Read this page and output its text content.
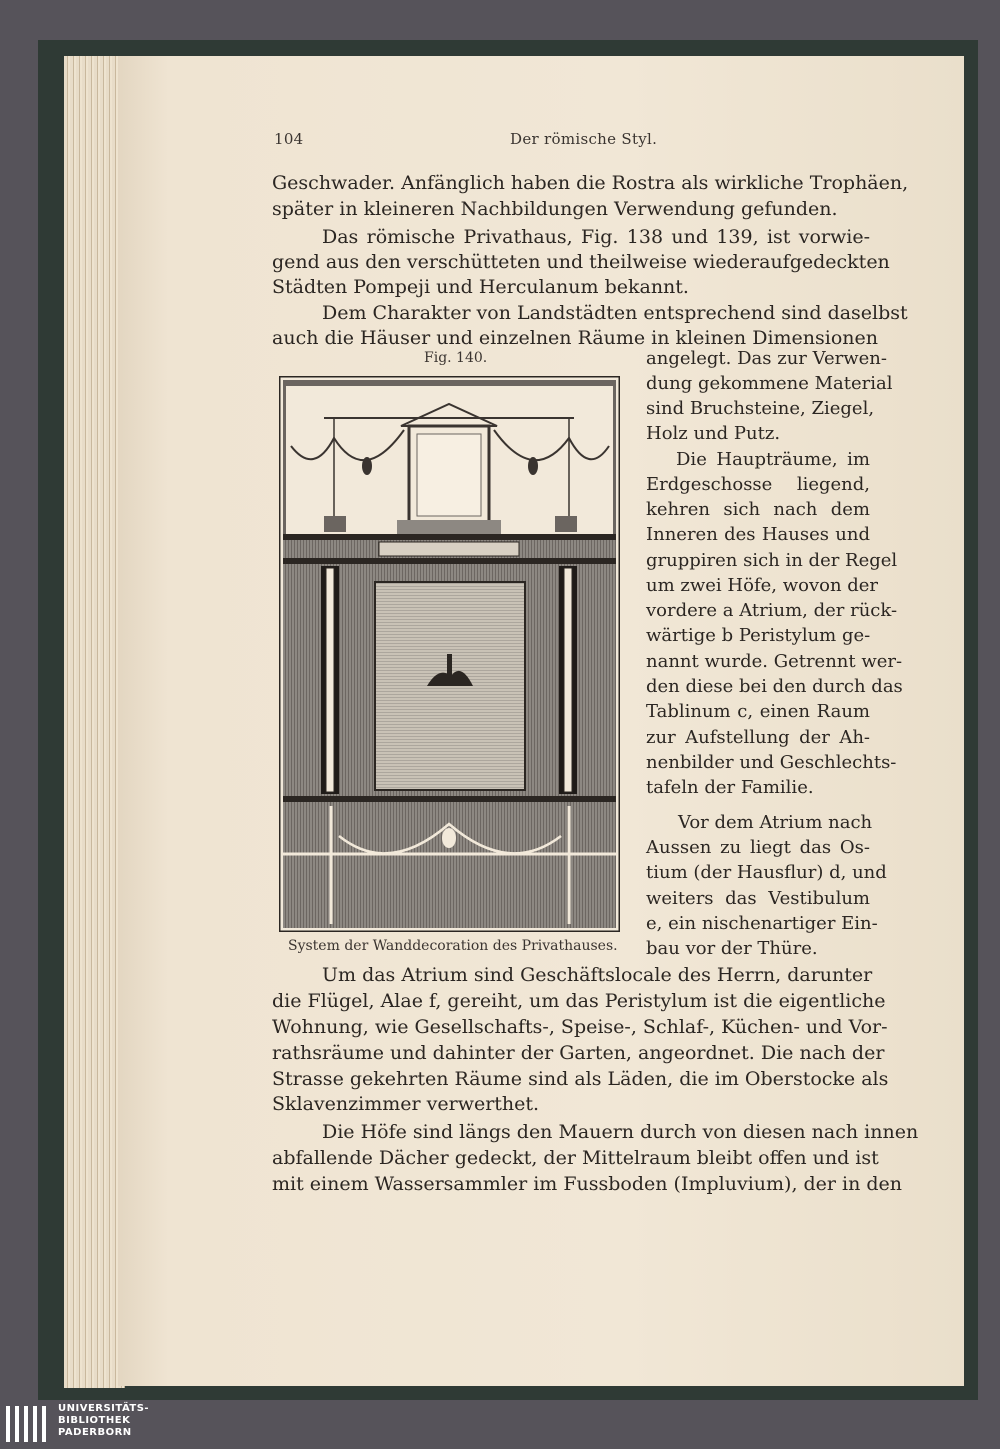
104	Der römische Styl.
Geschwader. Anfänglich haben die Rostra als wirkliche Trophäen,
später in kleineren Nachbildungen Verwendung gefunden.
Das römische Privathaus, Fig. 138 und 139, ist vorwie-
gend aus den verschütteten und theilweise wiederaufgedeckten
Städten Pompeji und Herculanum bekannt.
Dem Charakter von Landstädten entsprechend sind daselbst
auch die Häuser und einzelnen Räume in kleinen Dimensionen
Fig. 140.
System der Wanddecoration des Privathauses.
angelegt. Das zur Verwen-
dung gekommene Material
sind Bruchsteine, Ziegel,
Holz und Putz.
Die Haupträume, im
Erdgeschosse liegend,
kehren sich nach dem
Inneren des Hauses und
gruppiren sich in der Regel
um zwei Höfe, wovon der
vordere a Atrium, der rück-
wärtige b Peristylum ge-
nannt wurde. Getrennt wer-
den diese bei den durch das
Tablinum c, einen Raum
zur Aufstellung der Ah-
nenbilder und Geschlechts-
tafeln der Familie.
Vor dem Atrium nach
Aussen zu liegt das Os-
tium (der Hausflur) d, und
weiters das Vestibulum
e, ein nischenartiger Ein-
bau vor der Thüre.
Um das Atrium sind Geschäftslocale des Herrn, darunter
die Flügel, Alae f, gereiht, um das Peristylum ist die eigentliche
Wohnung, wie Gesellschafts-, Speise-, Schlaf-, Küchen- und Vor-
rathsräume und dahinter der Garten, angeordnet. Die nach der
Strasse gekehrten Räume sind als Läden, die im Oberstocke als
Sklavenzimmer verwerthet.
Die Höfe sind längs den Mauern durch von diesen nach innen
abfallende Dächer gedeckt, der Mittelraum bleibt offen und ist
mit einem Wassersammler im Fussboden (Impluvium), der in den
UNIVERSITÄTS-
BIBLIOTHEK
PADERBORN
